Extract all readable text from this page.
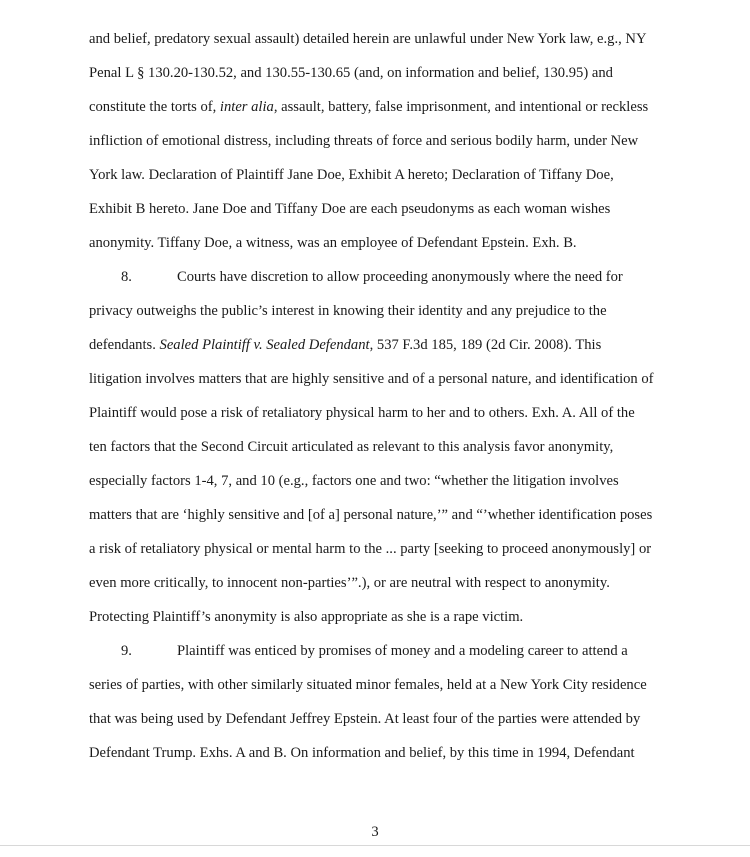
and belief, predatory sexual assault) detailed herein are unlawful under New York law, e.g., NY
Penal L § 130.20-130.52, and 130.55-130.65 (and, on information and belief, 130.95) and
constitute the torts of, inter alia, assault, battery, false imprisonment, and intentional or reckless
infliction of emotional distress, including threats of force and serious bodily harm, under New
York law. Declaration of Plaintiff Jane Doe, Exhibit A hereto; Declaration of Tiffany Doe,
Exhibit B hereto. Jane Doe and Tiffany Doe are each pseudonyms as each woman wishes
anonymity. Tiffany Doe, a witness, was an employee of Defendant Epstein. Exh. B.
8.	Courts have discretion to allow proceeding anonymously where the need for
privacy outweighs the public’s interest in knowing their identity and any prejudice to the
defendants. Sealed Plaintiff v. Sealed Defendant, 537 F.3d 185, 189 (2d Cir. 2008). This
litigation involves matters that are highly sensitive and of a personal nature, and identification of
Plaintiff would pose a risk of retaliatory physical harm to her and to others. Exh. A. All of the
ten factors that the Second Circuit articulated as relevant to this analysis favor anonymity,
especially factors 1-4, 7, and 10 (e.g., factors one and two: “whether the litigation involves
matters that are ‘highly sensitive and [of a] personal nature,’” and “’whether identification poses
a risk of retaliatory physical or mental harm to the ... party [seeking to proceed anonymously] or
even more critically, to innocent non-parties’”.), or are neutral with respect to anonymity.
Protecting Plaintiff’s anonymity is also appropriate as she is a rape victim.
9.	Plaintiff was enticed by promises of money and a modeling career to attend a
series of parties, with other similarly situated minor females, held at a New York City residence
that was being used by Defendant Jeffrey Epstein. At least four of the parties were attended by
Defendant Trump. Exhs. A and B. On information and belief, by this time in 1994, Defendant
3
